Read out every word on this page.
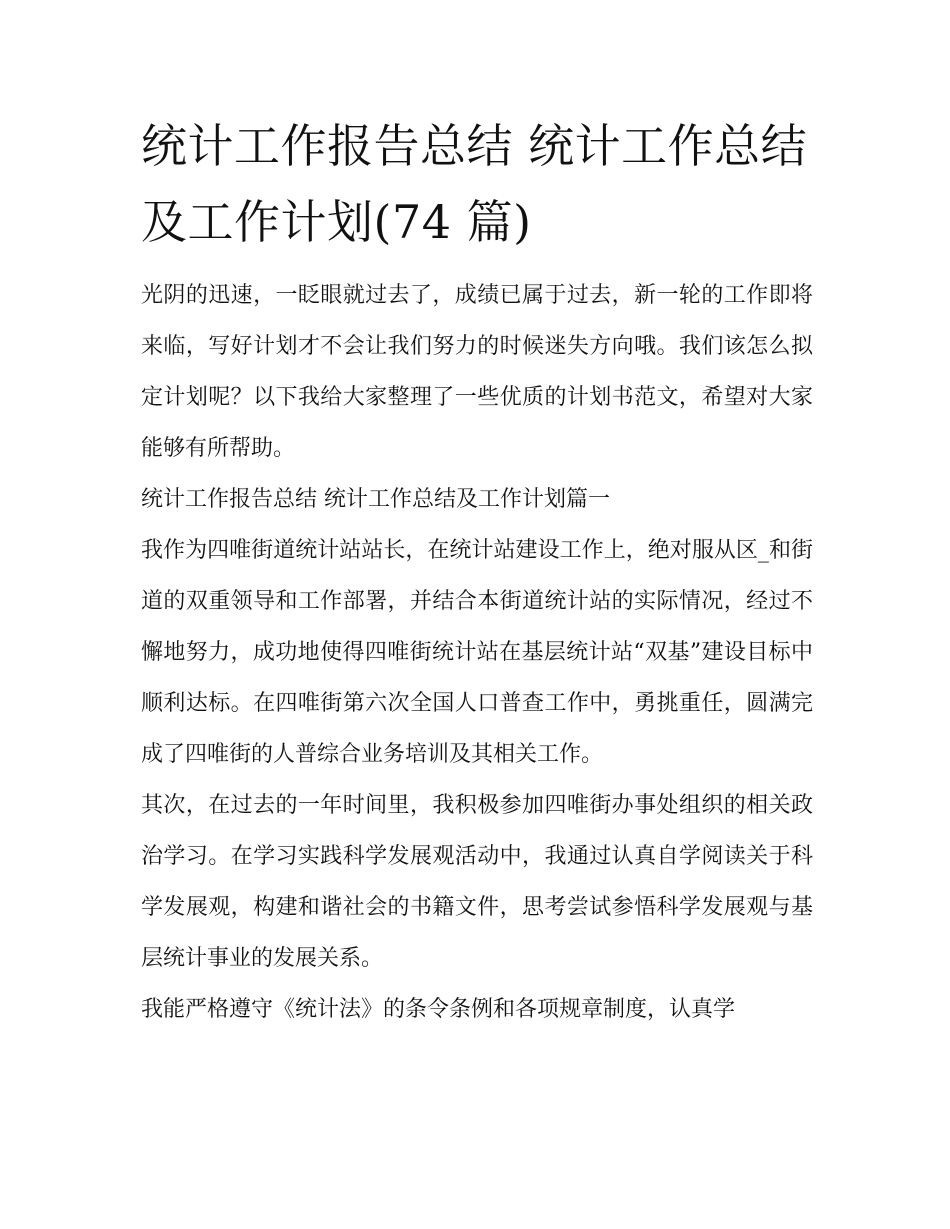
统计工作报告总结 统计工作总结及工作计划(74 篇)

光阴的迅速，一眨眼就过去了，成绩已属于过去，新一轮的工作即将来临，写好计划才不会让我们努力的时候迷失方向哦。我们该怎么拟定计划呢？以下我给大家整理了一些优质的计划书范文，希望对大家能够有所帮助。

统计工作报告总结 统计工作总结及工作计划篇一

我作为四唯街道统计站站长，在统计站建设工作上，绝对服从区_和街道的双重领导和工作部署，并结合本街道统计站的实际情况，经过不懈地努力，成功地使得四唯街统计站在基层统计站“双基”建设目标中顺利达标。在四唯街第六次全国人口普查工作中，勇挑重任，圆满完成了四唯街的人普综合业务培训及其相关工作。

其次，在过去的一年时间里，我积极参加四唯街办事处组织的相关政治学习。在学习实践科学发展观活动中，我通过认真自学阅读关于科学发展观，构建和谐社会的书籍文件，思考尝试参悟科学发展观与基层统计事业的发展关系。

我能严格遵守《统计法》的条令条例和各项规章制度，认真学
